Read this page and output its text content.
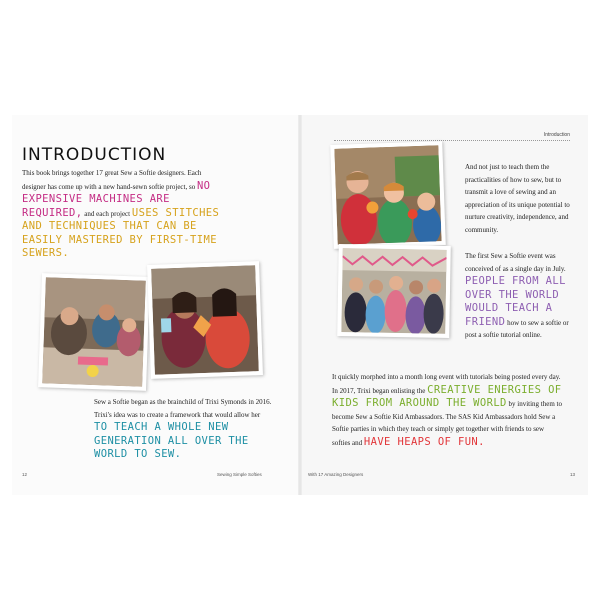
Introduction
INTRODUCTION

This book brings together 17 great Sew a Softie designers. Each designer has come up with a new hand-sewn softie project, so NO EXPENSIVE MACHINES ARE REQUIRED, and each project USES STITCHES AND TECHNIQUES THAT CAN BE EASILY MASTERED BY FIRST-TIME SEWERS.

Sew a Softie began as the brainchild of Trixi Symonds in 2016. Trixi's idea was to create a framework that would allow her TO TEACH A WHOLE NEW GENERATION ALL OVER THE WORLD TO SEW.

And not just to teach them the practicalities of how to sew, but to transmit a love of sewing and an appreciation of its unique potential to nurture creativity, independence, and community.

The first Sew a Softie event was conceived of as a single day in July. PEOPLE FROM ALL OVER THE WORLD WOULD TEACH A FRIEND how to sew a softie or post a softie tutorial online.

It quickly morphed into a month long event with tutorials being posted every day. In 2017, Trixi began enlisting the CREATIVE ENERGIES OF KIDS FROM AROUND THE WORLD by inviting them to become Sew a Softie Kid Ambassadors. The SAS Kid Ambassadors hold Sew a Softie parties in which they teach or simply get together with friends to sew softies and HAVE HEAPS OF FUN.

12	Sewing Simple Softies	With 17 Amazing Designers	13
